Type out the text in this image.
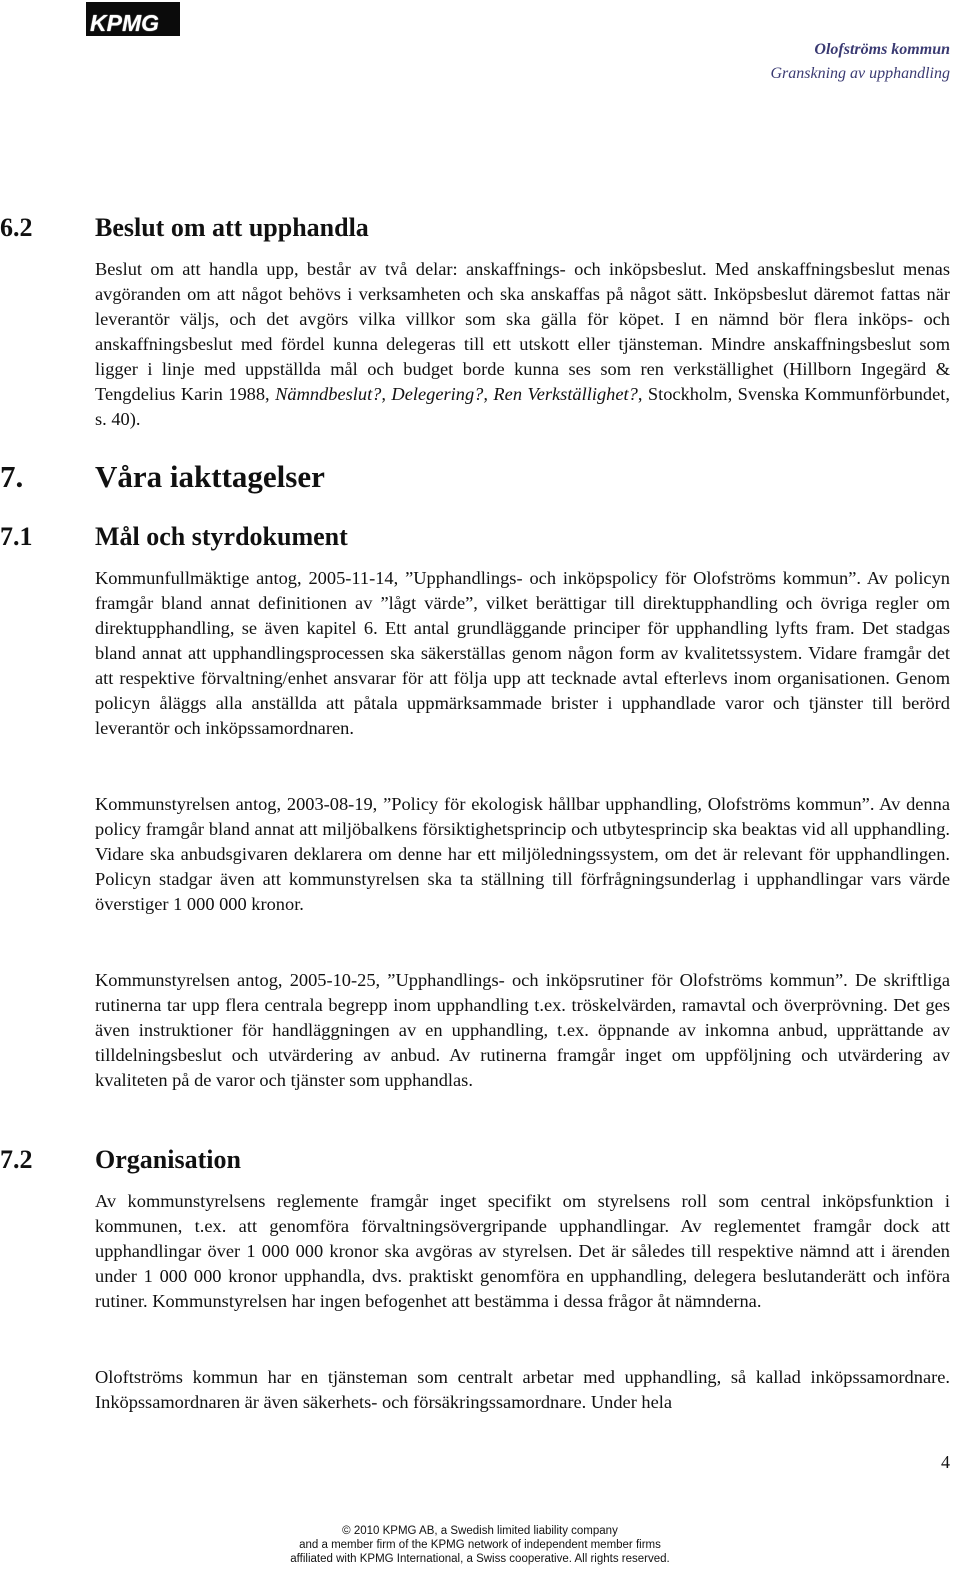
KPMG
Olofströms kommun
Granskning av upphandling
6.2 Beslut om att upphandla

Beslut om att handla upp, består av två delar: anskaffnings- och inköpsbeslut. Med anskaffningsbeslut menas avgöranden om att något behövs i verksamheten och ska anskaffas på något sätt. Inköpsbeslut däremot fattas när leverantör väljs, och det avgörs vilka villkor som ska gälla för köpet. I en nämnd bör flera inköps- och anskaffningsbeslut med fördel kunna delegeras till ett utskott eller tjänsteman. Mindre anskaffningsbeslut som ligger i linje med uppställda mål och budget borde kunna ses som ren verkställighet (Hillborn Ingegärd & Tengdelius Karin 1988, Nämndbeslut?, Delegering?, Ren Verkställighet?, Stockholm, Svenska Kommunförbundet, s. 40).

7. Våra iakttagelser
7.1 Mål och styrdokument

Kommunfullmäktige antog, 2005-11-14, ”Upphandlings- och inköpspolicy för Olofströms kommun”. Av policyn framgår bland annat definitionen av ”lågt värde”, vilket berättigar till direktupphandling och övriga regler om direktupphandling, se även kapitel 6. Ett antal grundläggande principer för upphandling lyfts fram. Det stadgas bland annat att upphandlingsprocessen ska säkerställas genom någon form av kvalitetssystem. Vidare framgår det att respektive förvaltning/enhet ansvarar för att följa upp att tecknade avtal efterlevs inom organisationen. Genom policyn åläggs alla anställda att påtala uppmärksammade brister i upphandlade varor och tjänster till berörd leverantör och inköpssamordnaren.

Kommunstyrelsen antog, 2003-08-19, ”Policy för ekologisk hållbar upphandling, Olofströms kommun”. Av denna policy framgår bland annat att miljöbalkens försiktighetsprincip och utbytesprincip ska beaktas vid all upphandling. Vidare ska anbudsgivaren deklarera om denne har ett miljöledningssystem, om det är relevant för upphandlingen. Policyn stadgar även att kommunstyrelsen ska ta ställning till förfrågningsunderlag i upphandlingar vars värde överstiger 1 000 000 kronor.

Kommunstyrelsen antog, 2005-10-25, ”Upphandlings- och inköpsrutiner för Olofströms kommun”. De skriftliga rutinerna tar upp flera centrala begrepp inom upphandling t.ex. tröskelvärden, ramavtal och överprövning. Det ges även instruktioner för handläggningen av en upphandling, t.ex. öppnande av inkomna anbud, upprättande av tilldelningsbeslut och utvärdering av anbud. Av rutinerna framgår inget om uppföljning och utvärdering av kvaliteten på de varor och tjänster som upphandlas.

7.2 Organisation

Av kommunstyrelsens reglemente framgår inget specifikt om styrelsens roll som central inköpsfunktion i kommunen, t.ex. att genomföra förvaltningsövergripande upphandlingar. Av reglementet framgår dock att upphandlingar över 1 000 000 kronor ska avgöras av styrelsen. Det är således till respektive nämnd att i ärenden under 1 000 000 kronor upphandla, dvs. praktiskt genomföra en upphandling, delegera beslutanderätt och införa rutiner. Kommunstyrelsen har ingen befogenhet att bestämma i dessa frågor åt nämnderna.

Oloftströms kommun har en tjänsteman som centralt arbetar med upphandling, så kallad inköpssamordnare. Inköpssamordnaren är även säkerhets- och försäkringssamordnare. Under hela

4
© 2010 KPMG AB, a Swedish limited liability company
and a member firm of the KPMG network of independent member firms
affiliated with KPMG International, a Swiss cooperative. All rights reserved.
